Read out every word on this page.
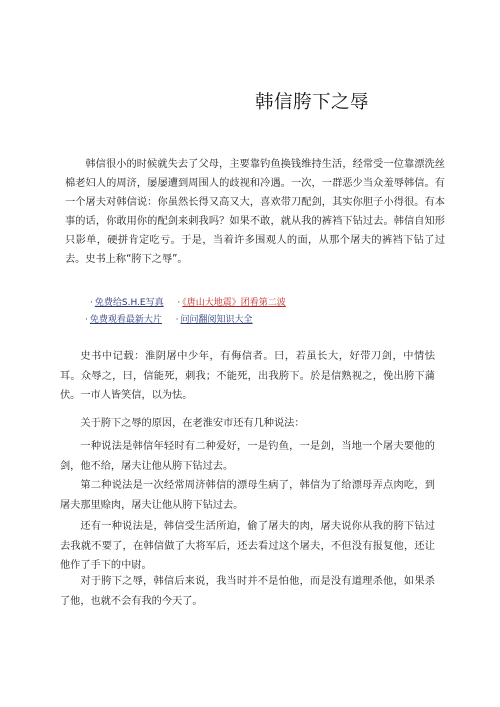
韩信胯下之辱

韩信很小的时候就失去了父母，主要靠钓鱼换钱维持生活，经常受一位靠漂洗丝棉老妇人的周济，屡屡遭到周围人的歧视和冷遇。一次，一群恶少当众羞辱韩信。有一个屠夫对韩信说：你虽然长得又高又大，喜欢带刀配剑，其实你胆子小得很。有本事的话，你敢用你的配剑来刺我吗？如果不敢，就从我的裤裆下钻过去。韩信自知形只影单，硬拼肯定吃亏。于是，当着许多围观人的面，从那个屠夫的裤裆下钻了过去。史书上称“胯下之辱”。

· 免费给S.H.E写真 · 《唐山大地震》团看第二波
· 免费观看最新大片 · 问问翻阅知识大全

史书中记载：淮阴屠中少年，有侮信者。曰，若虽长大，好带刀剑，中情怯耳。众辱之，曰，信能死，刺我；不能死，出我胯下。於是信熟视之，俛出胯下蒲伏。一市人皆笑信，以为怯。

关于胯下之辱的原因，在老淮安市还有几种说法：

一种说法是韩信年轻时有二种爱好，一是钓鱼，一是剑，当地一个屠夫要他的剑，他不给，屠夫让他从胯下钻过去。

第二种说法是一次经常周济韩信的漂母生病了，韩信为了给漂母弄点肉吃，到屠夫那里赊肉，屠夫让他从胯下钻过去。

还有一种说法是，韩信受生活所迫，偷了屠夫的肉，屠夫说你从我的胯下钻过去我就不要了，在韩信做了大将军后，还去看过这个屠夫，不但没有报复他，还让他作了手下的中尉。

对于胯下之辱，韩信后来说，我当时并不是怕他，而是没有道理杀他，如果杀了他，也就不会有我的今天了。
